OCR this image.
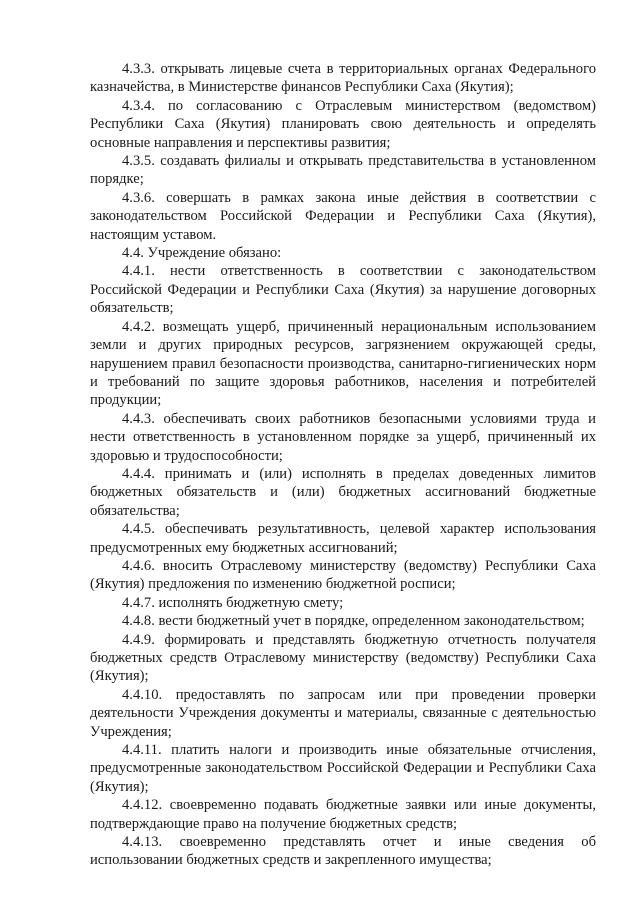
4.3.3. открывать лицевые счета в территориальных органах Федерального казначейства, в Министерстве финансов Республики Саха (Якутия);

4.3.4. по согласованию с Отраслевым министерством (ведомством) Республики Саха (Якутия) планировать свою деятельность и определять основные направления и перспективы развития;

4.3.5. создавать филиалы и открывать представительства в установленном порядке;

4.3.6. совершать в рамках закона иные действия в соответствии с законодательством Российской Федерации и Республики Саха (Якутия), настоящим уставом.

4.4. Учреждение обязано:

4.4.1. нести ответственность в соответствии с законодательством Российской Федерации и Республики Саха (Якутия) за нарушение договорных обязательств;

4.4.2. возмещать ущерб, причиненный нерациональным использованием земли и других природных ресурсов, загрязнением окружающей среды, нарушением правил безопасности производства, санитарно-гигиенических норм и требований по защите здоровья работников, населения и потребителей продукции;

4.4.3. обеспечивать своих работников безопасными условиями труда и нести ответственность в установленном порядке за ущерб, причиненный их здоровью и трудоспособности;

4.4.4. принимать и (или) исполнять в пределах доведенных лимитов бюджетных обязательств и (или) бюджетных ассигнований бюджетные обязательства;

4.4.5. обеспечивать результативность, целевой характер использования предусмотренных ему бюджетных ассигнований;

4.4.6. вносить Отраслевому министерству (ведомству) Республики Саха (Якутия) предложения по изменению бюджетной росписи;

4.4.7. исполнять бюджетную смету;

4.4.8. вести бюджетный учет в порядке, определенном законодательством;

4.4.9. формировать и представлять бюджетную отчетность получателя бюджетных средств Отраслевому министерству (ведомству) Республики Саха (Якутия);

4.4.10. предоставлять по запросам или при проведении проверки деятельности Учреждения документы и материалы, связанные с деятельностью Учреждения;

4.4.11. платить налоги и производить иные обязательные отчисления, предусмотренные законодательством Российской Федерации и Республики Саха (Якутия);

4.4.12. своевременно подавать бюджетные заявки или иные документы, подтверждающие право на получение бюджетных средств;

4.4.13. своевременно представлять отчет и иные сведения об использовании бюджетных средств и закрепленного имущества;
